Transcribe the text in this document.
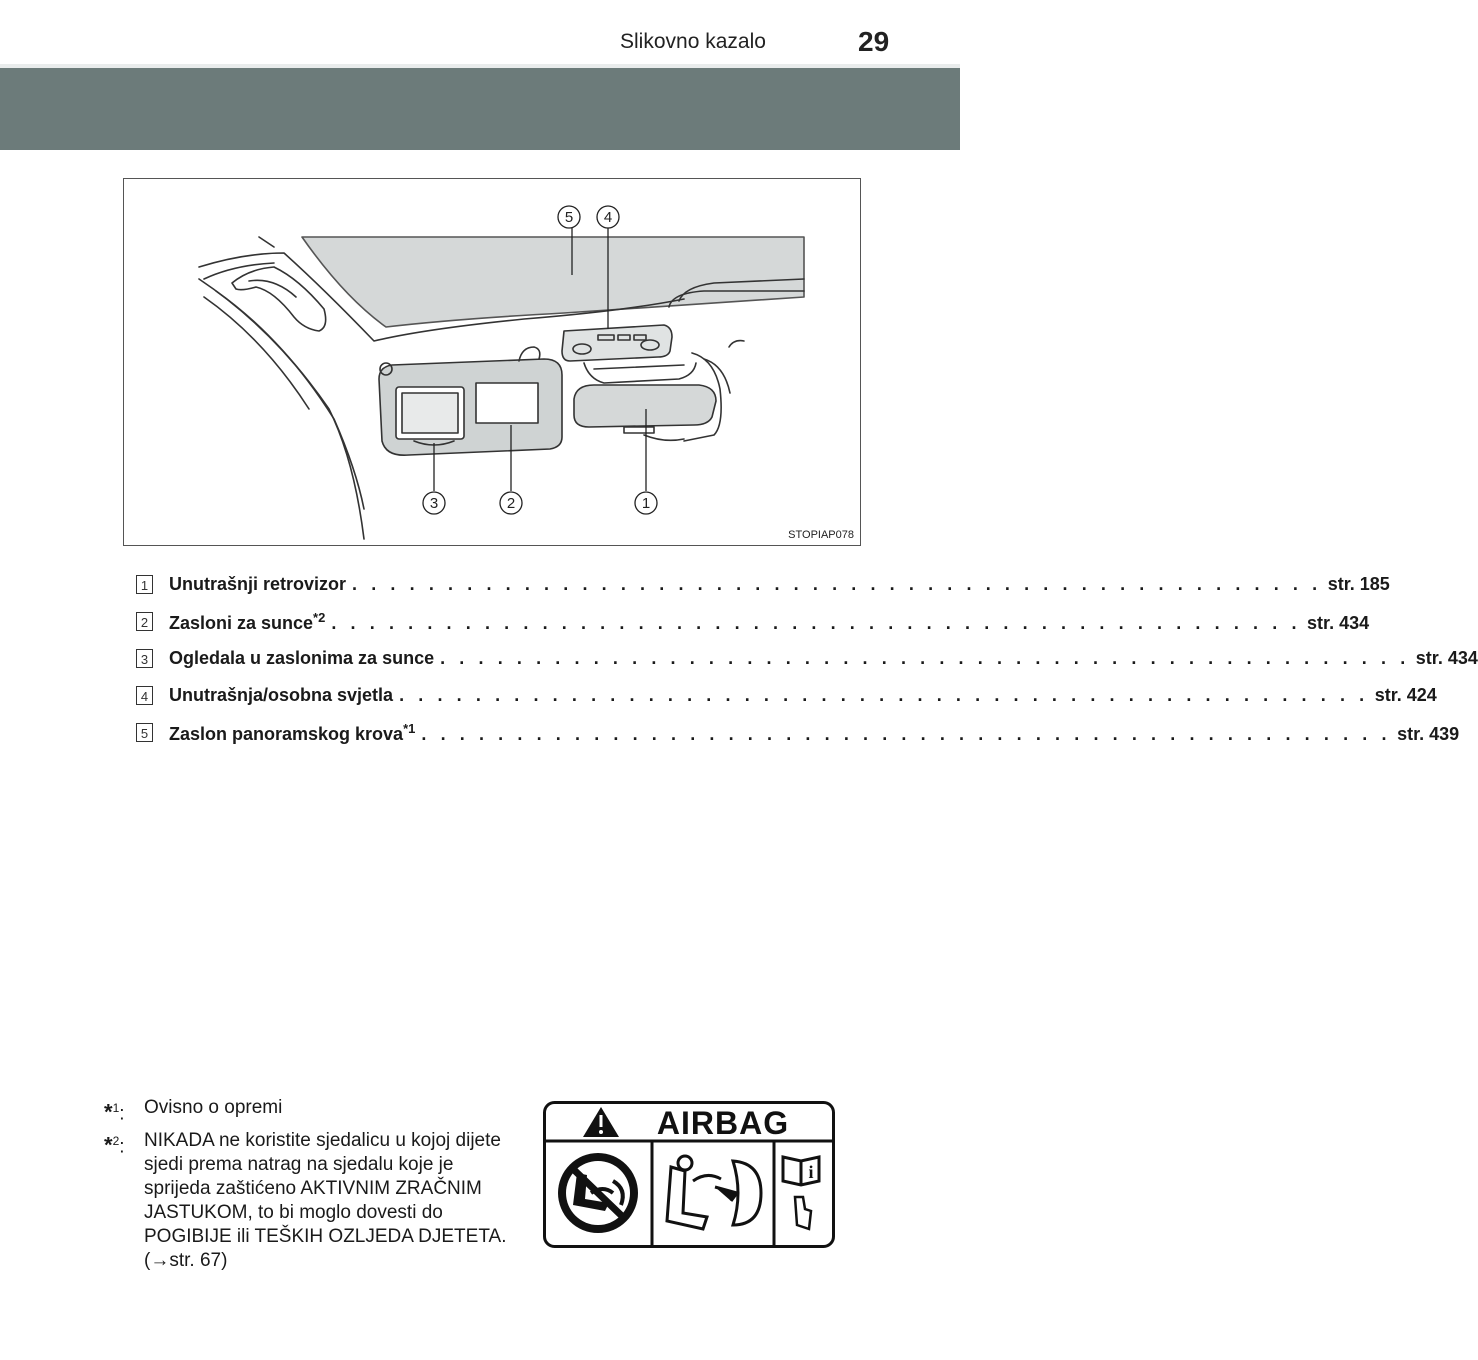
Slikovno kazalo	29
5 4
3	2	1
STOPIAP078
1 Unutrašnji retrovizor . . . . . . . . . . . . . . . . . . . . . . . . . . . . . . . . . . . . . . . . . . . . . . . . . . . str. 185
2 Zasloni za sunce$^{*2}$ . . . . . . . . . . . . . . . . . . . . . . . . . . . . . . . . . . . . . . . . . . . . . . . . . . . str. 434
3 Ogledala u zaslonima za sunce . . . . . . . . . . . . . . . . . . . . . . . . . . . . . . . . . . . . . . . . . . . . . . . . . . . str. 434
4 Unutrašnja/osobna svjetla . . . . . . . . . . . . . . . . . . . . . . . . . . . . . . . . . . . . . . . . . . . . . . . . . . . str. 424
5 Zaslon panoramskog krova$^{*1}$ . . . . . . . . . . . . . . . . . . . . . . . . . . . . . . . . . . . . . . . . . . . . . . . . . . . str. 439
*$^1$:	Ovisno o opremi
*$^2$:	NIKADA ne koristite sjedalicu u kojoj dijete sjedi prema natrag na sjedalu koje je sprijeda zaštićeno AKTIVNIM ZRAČNIM JASTUKOM, to bi moglo dovesti do POGIBIJE ili TEŠKIH OZLJEDA DJETETA. (→str. 67)
AIRBAG
i
